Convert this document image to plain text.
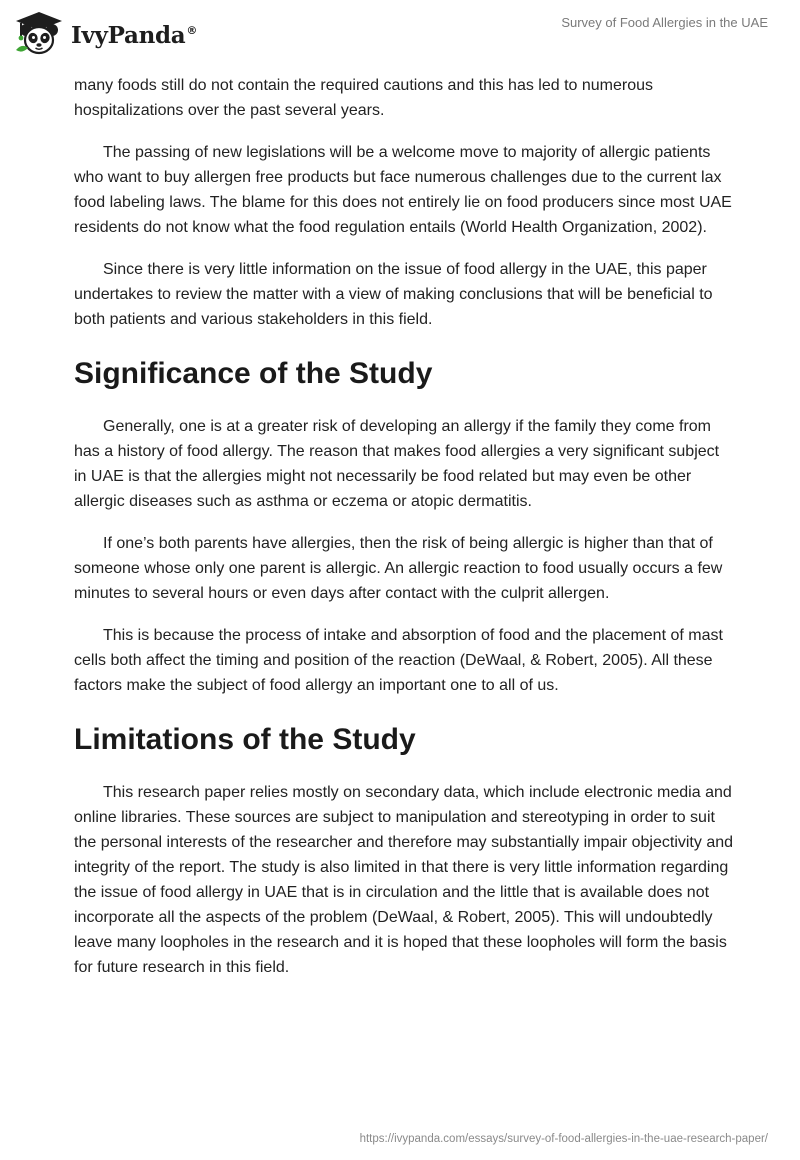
IvyPanda®
Survey of Food Allergies in the UAE

many foods still do not contain the required cautions and this has led to numerous hospitalizations over the past several years.

The passing of new legislations will be a welcome move to majority of allergic patients who want to buy allergen free products but face numerous challenges due to the current lax food labeling laws. The blame for this does not entirely lie on food producers since most UAE residents do not know what the food regulation entails (World Health Organization, 2002).

Since there is very little information on the issue of food allergy in the UAE, this paper undertakes to review the matter with a view of making conclusions that will be beneficial to both patients and various stakeholders in this field.

Significance of the Study

Generally, one is at a greater risk of developing an allergy if the family they come from has a history of food allergy. The reason that makes food allergies a very significant subject in UAE is that the allergies might not necessarily be food related but may even be other allergic diseases such as asthma or eczema or atopic dermatitis.

If one’s both parents have allergies, then the risk of being allergic is higher than that of someone whose only one parent is allergic. An allergic reaction to food usually occurs a few minutes to several hours or even days after contact with the culprit allergen.

This is because the process of intake and absorption of food and the placement of mast cells both affect the timing and position of the reaction (DeWaal, & Robert, 2005). All these factors make the subject of food allergy an important one to all of us.

Limitations of the Study

This research paper relies mostly on secondary data, which include electronic media and online libraries. These sources are subject to manipulation and stereotyping in order to suit the personal interests of the researcher and therefore may substantially impair objectivity and integrity of the report. The study is also limited in that there is very little information regarding the issue of food allergy in UAE that is in circulation and the little that is available does not incorporate all the aspects of the problem (DeWaal, & Robert, 2005). This will undoubtedly leave many loopholes in the research and it is hoped that these loopholes will form the basis for future research in this field.

https://ivypanda.com/essays/survey-of-food-allergies-in-the-uae-research-paper/
